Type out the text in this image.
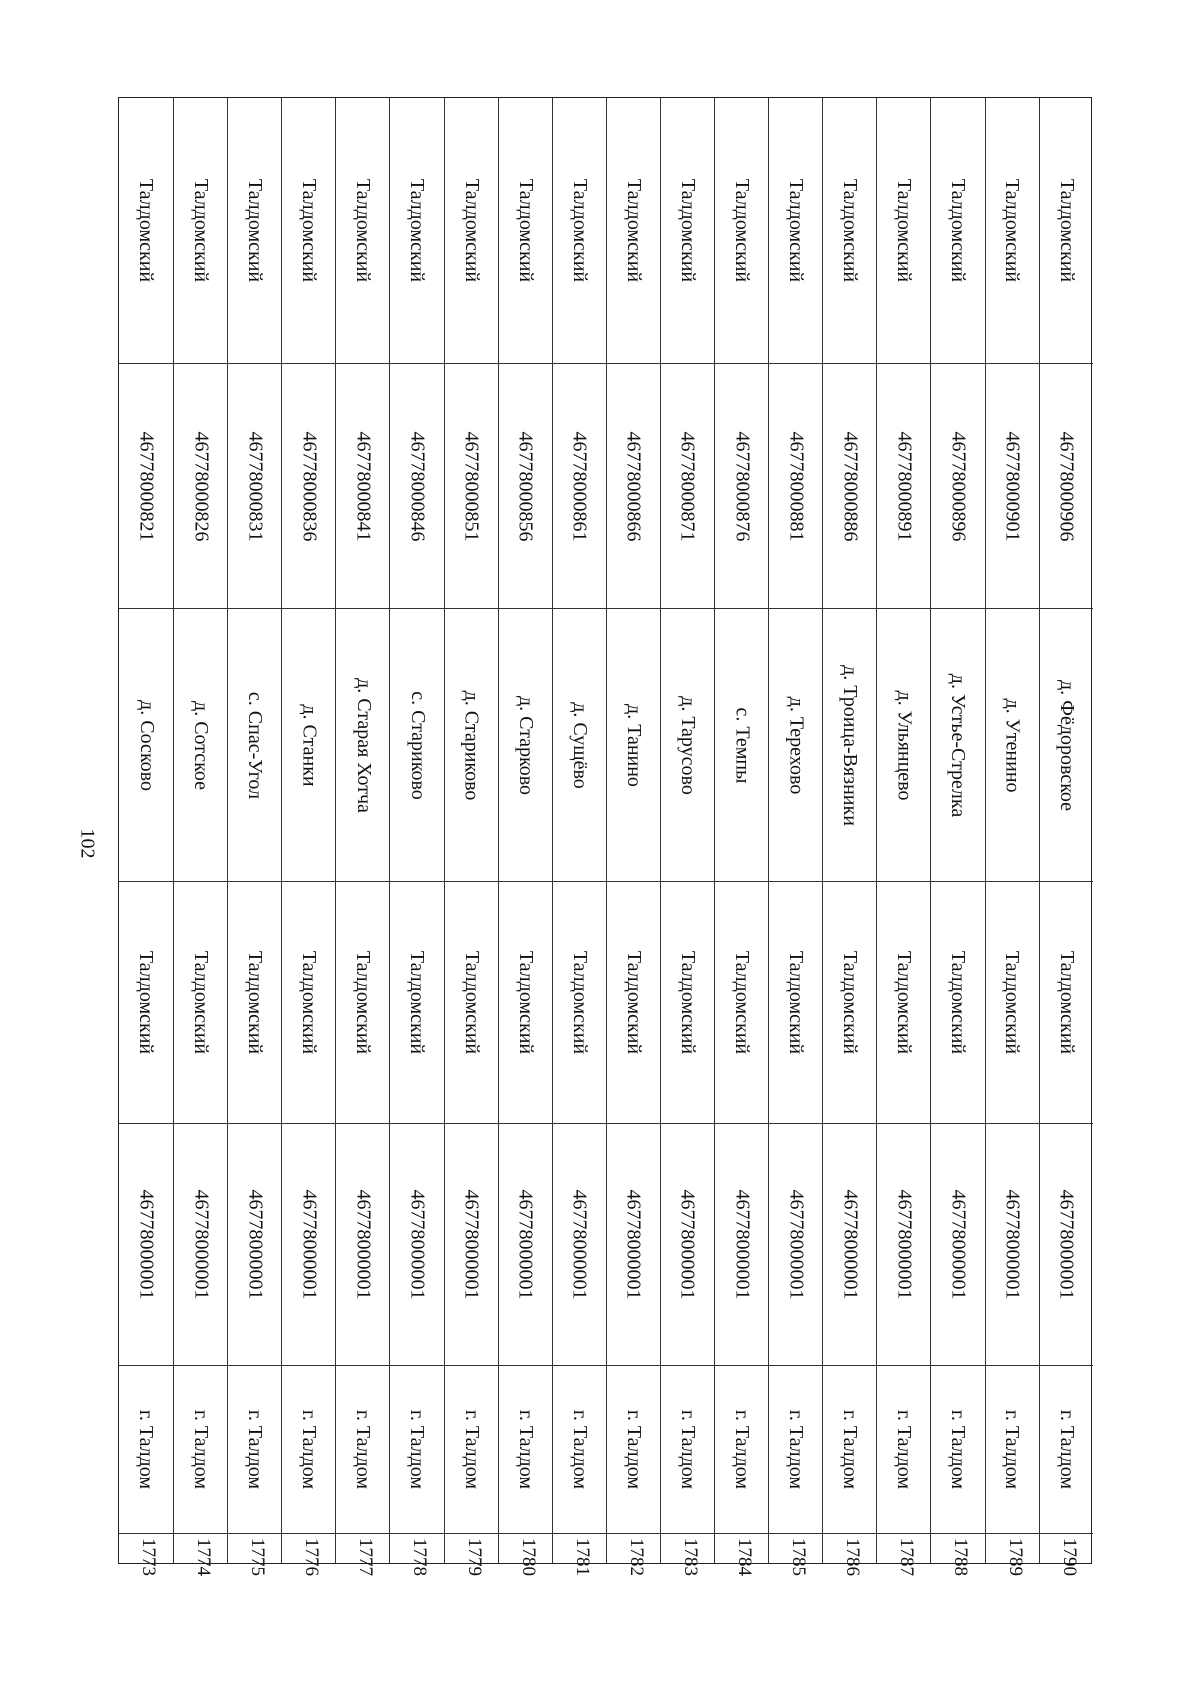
102
Талдомский
46778000821
д. Сосково
Талдомский
46778000001
г. Талдом
1773
Талдомский
46778000826
д. Сотское
Талдомский
46778000001
г. Талдом
1774
Талдомский
46778000831
с. Спас-Угол
Талдомский
46778000001
г. Талдом
1775
Талдомский
46778000836
д. Станки
Талдомский
46778000001
г. Талдом
1776
Талдомский
46778000841
д. Старая Хотча
Талдомский
46778000001
г. Талдом
1777
Талдомский
46778000846
с. Стариково
Талдомский
46778000001
г. Талдом
1778
Талдомский
46778000851
д. Стариково
Талдомский
46778000001
г. Талдом
1779
Талдомский
46778000856
д. Старково
Талдомский
46778000001
г. Талдом
1780
Талдомский
46778000861
д. Сущёво
Талдомский
46778000001
г. Талдом
1781
Талдомский
46778000866
д. Танино
Талдомский
46778000001
г. Талдом
1782
Талдомский
46778000871
д. Тарусово
Талдомский
46778000001
г. Талдом
1783
Талдомский
46778000876
с. Темпы
Талдомский
46778000001
г. Талдом
1784
Талдомский
46778000881
д. Терехово
Талдомский
46778000001
г. Талдом
1785
Талдомский
46778000886
д. Троица-Вязники
Талдомский
46778000001
г. Талдом
1786
Талдомский
46778000891
д. Ульянцево
Талдомский
46778000001
г. Талдом
1787
Талдомский
46778000896
д. Устье-Стрелка
Талдомский
46778000001
г. Талдом
1788
Талдомский
46778000901
д. Утенино
Талдомский
46778000001
г. Талдом
1789
Талдомский
46778000906
д. Фёдоровское
Талдомский
46778000001
г. Талдом
1790
